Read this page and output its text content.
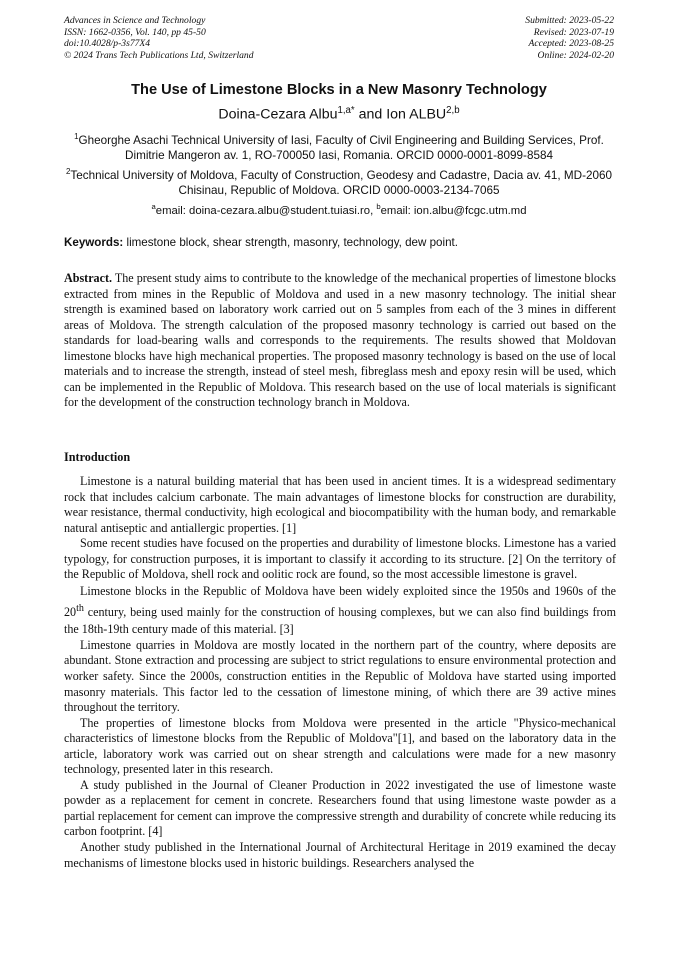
Advances in Science and Technology
ISSN: 1662-0356, Vol. 140, pp 45-50
doi:10.4028/p-3s77X4
© 2024 Trans Tech Publications Ltd, Switzerland
Submitted: 2023-05-22
Revised: 2023-07-19
Accepted: 2023-08-25
Online: 2024-02-20
The Use of Limestone Blocks in a New Masonry Technology
Doina-Cezara Albu$^{1,a*}$ and Ion ALBU$^{2,b}$
$^1$Gheorghe Asachi Technical University of Iasi, Faculty of Civil Engineering and Building Services, Prof. Dimitrie Mangeron av. 1, RO-700050 Iasi, Romania. ORCID 0000-0001-8099-8584
$^2$Technical University of Moldova, Faculty of Construction, Geodesy and Cadastre, Dacia av. 41, MD-2060 Chisinau, Republic of Moldova. ORCID 0000-0003-2134-7065
$^a$email: doina-cezara.albu@student.tuiasi.ro, $^b$email: ion.albu@fcgc.utm.md
Keywords: limestone block, shear strength, masonry, technology, dew point.

Abstract. The present study aims to contribute to the knowledge of the mechanical properties of limestone blocks extracted from mines in the Republic of Moldova and used in a new masonry technology. The initial shear strength is examined based on laboratory work carried out on 5 samples from each of the 3 mines in different areas of Moldova. The strength calculation of the proposed masonry technology is carried out based on the standards for load-bearing walls and corresponds to the requirements. The results showed that Moldovan limestone blocks have high mechanical properties. The proposed masonry technology is based on the use of local materials and to increase the strength, instead of steel mesh, fibreglass mesh and epoxy resin will be used, which can be implemented in the Republic of Moldova. This research based on the use of local materials is significant for the development of the construction technology branch in Moldova.

Introduction

Limestone is a natural building material that has been used in ancient times. It is a widespread sedimentary rock that includes calcium carbonate. The main advantages of limestone blocks for construction are durability, wear resistance, thermal conductivity, high ecological and biocompatibility with the human body, and remarkable natural antiseptic and antiallergic properties. [1]

Some recent studies have focused on the properties and durability of limestone blocks. Limestone has a varied typology, for construction purposes, it is important to classify it according to its structure. [2] On the territory of the Republic of Moldova, shell rock and oolitic rock are found, so the most accessible limestone is gravel.

Limestone blocks in the Republic of Moldova have been widely exploited since the 1950s and 1960s of the 20th century, being used mainly for the construction of housing complexes, but we can also find buildings from the 18th-19th century made of this material. [3]

Limestone quarries in Moldova are mostly located in the northern part of the country, where deposits are abundant. Stone extraction and processing are subject to strict regulations to ensure environmental protection and worker safety. Since the 2000s, construction entities in the Republic of Moldova have started using imported masonry materials. This factor led to the cessation of limestone mining, of which there are 39 active mines throughout the territory.

The properties of limestone blocks from Moldova were presented in the article "Physico-mechanical characteristics of limestone blocks from the Republic of Moldova"[1], and based on the laboratory data in the article, laboratory work was carried out on shear strength and calculations were made for a new masonry technology, presented later in this research.

A study published in the Journal of Cleaner Production in 2022 investigated the use of limestone waste powder as a replacement for cement in concrete. Researchers found that using limestone waste powder as a partial replacement for cement can improve the compressive strength and durability of concrete while reducing its carbon footprint. [4]

Another study published in the International Journal of Architectural Heritage in 2019 examined the decay mechanisms of limestone blocks used in historic buildings. Researchers analysed the
